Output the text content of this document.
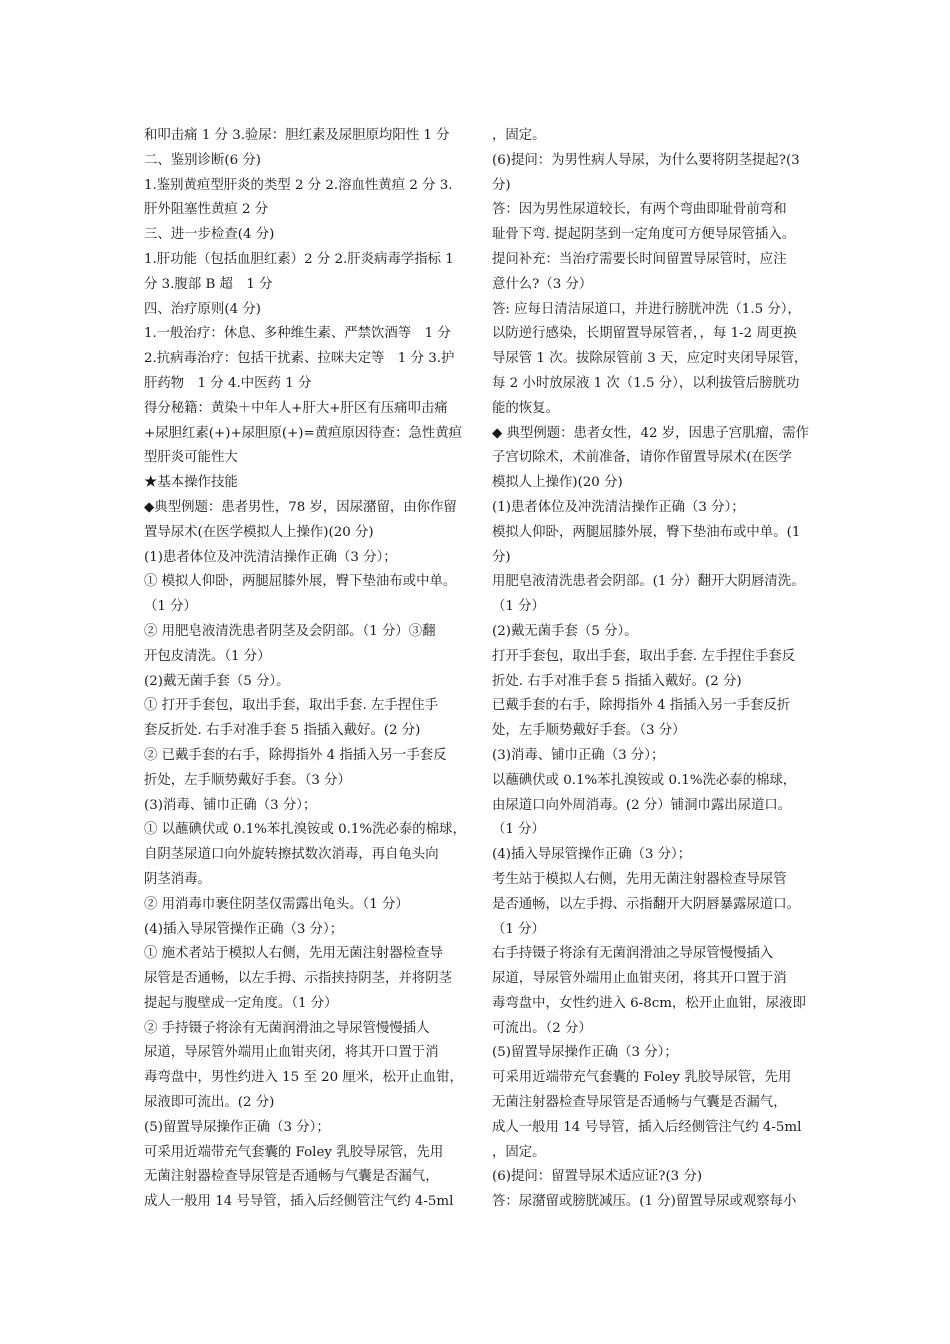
和叩击痛 1 分 3.验尿：胆红素及尿胆原均阳性 1 分
二、鉴别诊断(6 分)
1.鉴别黄疸型肝炎的类型 2 分 2.溶血性黄疸 2 分 3.
肝外阻塞性黄疸 2 分
三、进一步检查(4 分)
1.肝功能（包括血胆红素）2 分 2.肝炎病毒学指标 1
分 3.腹部 B 超　1 分
四、治疗原则(4 分)
1.一般治疗：休息、多种维生素、严禁饮酒等　1 分
2.抗病毒治疗：包括干扰素、拉咪夫定等　1 分 3.护
肝药物　1 分 4.中医药 1 分
得分秘籍：黄染＋中年人+肝大+肝区有压痛叩击痛
+尿胆红素(+)+尿胆原(+)=黄疸原因待查：急性黄疸
型肝炎可能性大
★基本操作技能
◆典型例题：患者男性，78 岁，因尿潴留，由你作留
置导尿术(在医学模拟人上操作)(20 分)
(1)患者体位及冲洗清洁操作正确（3 分）；
① 模拟人仰卧，两腿屈膝外展，臀下垫油布或中单。
（1 分）
② 用肥皂液清洗患者阴茎及会阴部。（1 分）③翻
开包皮清洗。（1 分）
(2)戴无菌手套（5 分）。
① 打开手套包，取出手套，取出手套. 左手捏住手
套反折处. 右手对准手套 5 指插入戴好。(2 分)
② 已戴手套的右手，除拇指外 4 指插入另一手套反
折处，左手顺势戴好手套。（3 分）
(3)消毒、铺巾正确（3 分）；
① 以蘸碘伏或 0.1%苯扎溴铵或 0.1%洗必泰的棉球，
自阴茎尿道口向外旋转擦拭数次消毒，再自龟头向
阴茎消毒。
② 用消毒巾裹住阴茎仅需露出龟头。（1 分）
(4)插入导尿管操作正确（3 分）；
① 施术者站于模拟人右侧，先用无菌注射器检查导
尿管是否通畅，以左手拇、示指挟持阴茎，并将阴茎
提起与腹壁成一定角度。（1 分）
② 手持镊子将涂有无菌润滑油之导尿管慢慢插人
尿道，导尿管外端用止血钳夹闭，将其开口置于消
毒弯盘中，男性约进入 15 至 20 厘米，松开止血钳，
尿液即可流出。(2 分)
(5)留置导尿操作正确（3 分）；
可采用近端带充气套囊的 Foley 乳胶导尿管，先用
无菌注射器检查导尿管是否通畅与气囊是否漏气，
成人一般用 14 号导管，插入后经侧管注气约 4-5ml
，固定。
(6)提问：为男性病人导尿，为什么要将阴茎提起?(3
分)
答：因为男性尿道较长，有两个弯曲即耻骨前弯和
耻骨下弯. 提起阴茎到一定角度可方便导尿管插入。
提问补充：当治疗需要长时间留置导尿管时，应注
意什么?（3 分）
答: 应每日清洁尿道口，并进行膀胱冲洗（1.5 分），
以防逆行感染，长期留置导尿管者，，每 1-2 周更换
导尿管 1 次。拔除尿管前 3 天，应定时夹闭导尿管，
每 2 小时放尿液 1 次（1.5 分），以利拔管后膀胱功
能的恢复。
◆ 典型例题：患者女性，42 岁，因患子宫肌瘤，需作
子宫切除术，术前准备，请你作留置导尿术(在医学
模拟人上操作)(20 分)
(1)患者体位及冲洗清洁操作正确（3 分）；
模拟人仰卧，两腿屈膝外展，臀下垫油布或中单。(1
分)
用肥皂液清洗患者会阴部。(1 分）翻开大阴唇清洗。
（1 分）
(2)戴无菌手套（5 分）。
打开手套包，取出手套，取出手套. 左手捏住手套反
折处. 右手对准手套 5 指插入戴好。(2 分)
已戴手套的右手，除拇指外 4 指插入另一手套反折
处，左手顺势戴好手套。（3 分）
(3)消毒、铺巾正确（3 分）；
以蘸碘伏或 0.1%苯扎溴铵或 0.1%洗必泰的棉球，
由尿道口向外周消毒。(2 分）铺洞巾露出尿道口。
（1 分）
(4)插入导尿管操作正确（3 分）；
考生站于模拟人右侧，先用无菌注射器检查导尿管
是否通畅，以左手拇、示指翻开大阴唇暴露尿道口。
（1 分）
右手持镊子将涂有无菌润滑油之导尿管慢慢插入
尿道，导尿管外端用止血钳夹闭，将其开口置于消
毒弯盘中，女性约进入 6-8cm，松开止血钳，尿液即
可流出。（2 分）
(5)留置导尿操作正确（3 分）；
可采用近端带充气套囊的 Foley 乳胶导尿管，先用
无菌注射器检查导尿管是否通畅与气囊是否漏气，
成人一般用 14 号导管，插入后经侧管注气约 4-5ml
，固定。
(6)提问：留置导尿术适应证?(3 分)
答：尿潴留或膀胱减压。(1 分)留置导尿或观察每小
